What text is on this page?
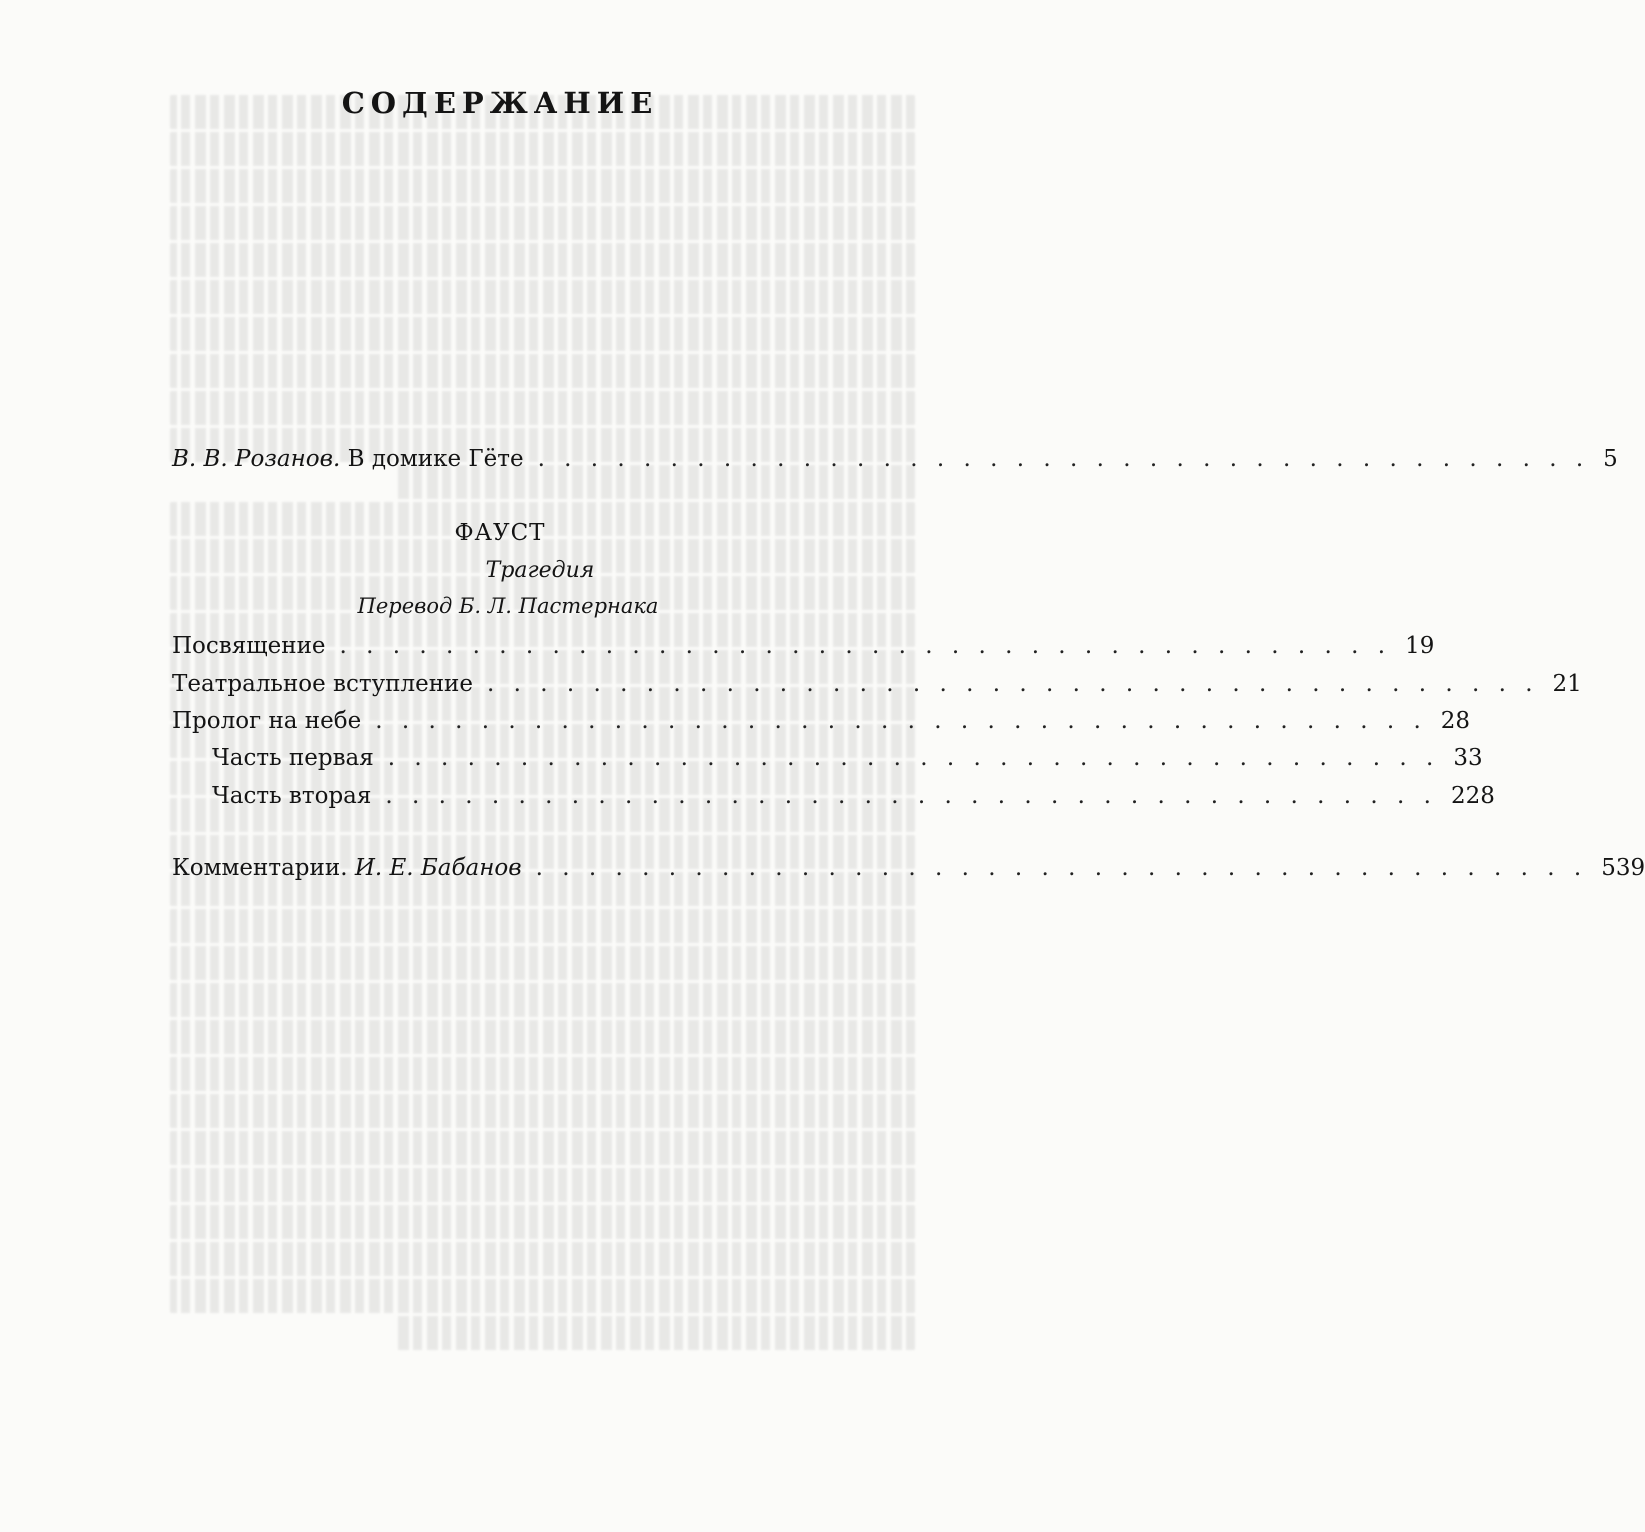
СОДЕРЖАНИЕ
В. В. Розанов. В домике Гёте . . . . . . . . . . . . . . . . . . . . . . . . . . . . . . . . . . . . . . . . 5
ФАУСТ
Трагедия
Перевод Б. Л. Пастернака
Посвящение . . . . . . . . . . . . . . . . . . . . . . . . . . . . . . . . . . . . . . . . 19
Театральное вступление . . . . . . . . . . . . . . . . . . . . . . . . . . . . . . . . . . . . . . . . 21
Пролог на небе . . . . . . . . . . . . . . . . . . . . . . . . . . . . . . . . . . . . . . . . 28
Часть первая . . . . . . . . . . . . . . . . . . . . . . . . . . . . . . . . . . . . . . . . 33
Часть вторая . . . . . . . . . . . . . . . . . . . . . . . . . . . . . . . . . . . . . . . . 228
Комментарии. И. Е. Бабанов . . . . . . . . . . . . . . . . . . . . . . . . . . . . . . . . . . . . . . . . 539
